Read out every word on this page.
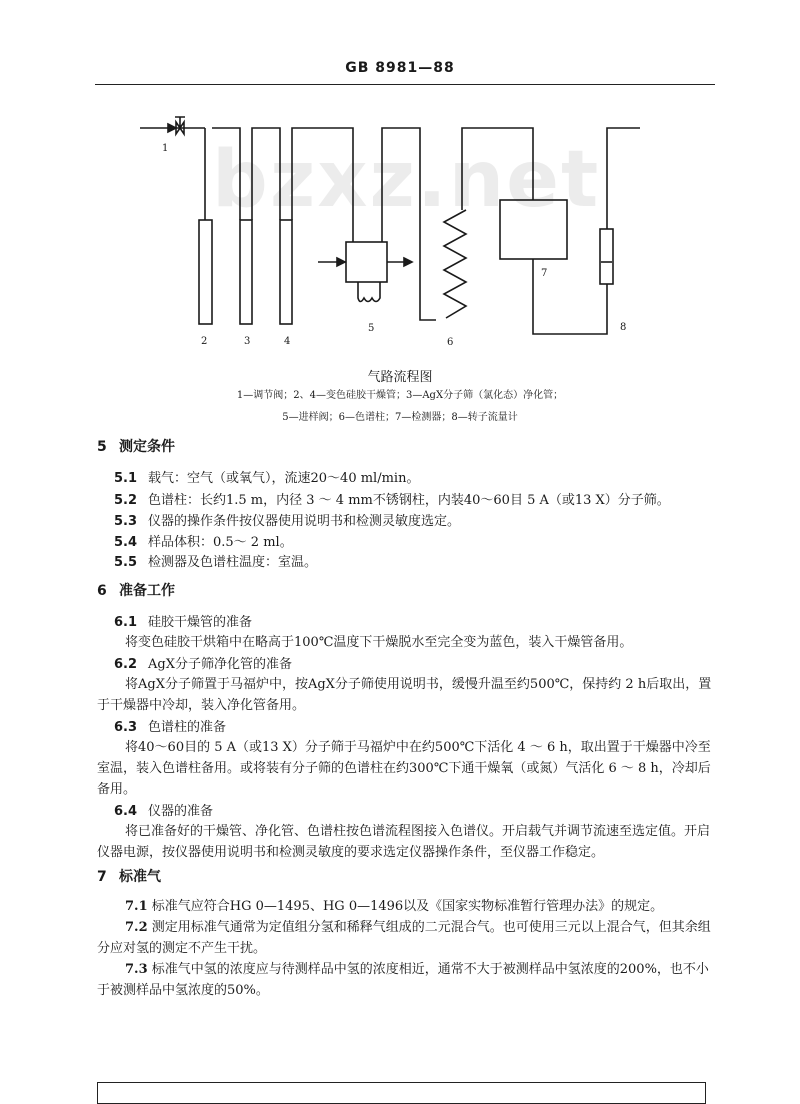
GB 8981—88
bzxz.net
1
2	3	4
5
6
7
8
气路流程图
1—调节阀；2、4—变色硅胶干燥管；3—AgX分子筛（氯化态）净化管；
5—进样阀；6—色谱柱；7—检测器；8—转子流量计
5 测定条件
5.1 载气：空气（或氧气），流速20～40 ml/min。
5.2 色谱柱：长约1.5 m，内径 3 ～ 4 mm不锈钢柱，内装40～60目 5 A（或13 X）分子筛。
5.3 仪器的操作条件按仪器使用说明书和检测灵敏度选定。
5.4 样品体积：0.5～ 2 ml。
5.5 检测器及色谱柱温度：室温。
6 准备工作
6.1 硅胶干燥管的准备
将变色硅胶干烘箱中在略高于100℃温度下干燥脱水至完全变为蓝色，装入干燥管备用。
6.2 AgX分子筛净化管的准备
将AgX分子筛置于马福炉中，按AgX分子筛使用说明书，缓慢升温至约500℃，保持约 2 h后取出，置于干燥器中冷却，装入净化管备用。
6.3 色谱柱的准备
将40～60目的 5 A（或13 X）分子筛于马福炉中在约500℃下活化 4 ～ 6 h，取出置于干燥器中冷至室温，装入色谱柱备用。或将装有分子筛的色谱柱在约300℃下通干燥氧（或氮）气活化 6 ～ 8 h，冷却后备用。
6.4 仪器的准备
将已准备好的干燥管、净化管、色谱柱按色谱流程图接入色谱仪。开启载气并调节流速至选定值。开启仪器电源，按仪器使用说明书和检测灵敏度的要求选定仪器操作条件，至仪器工作稳定。
7 标准气
7.1 标准气应符合HG 0—1495、HG 0—1496以及《国家实物标准暂行管理办法》的规定。
7.2 测定用标准气通常为定值组分氢和稀释气组成的二元混合气。也可使用三元以上混合气，但其余组分应对氢的测定不产生干扰。
7.3 标准气中氢的浓度应与待测样品中氢的浓度相近，通常不大于被测样品中氢浓度的200%，也不小于被测样品中氢浓度的50%。
